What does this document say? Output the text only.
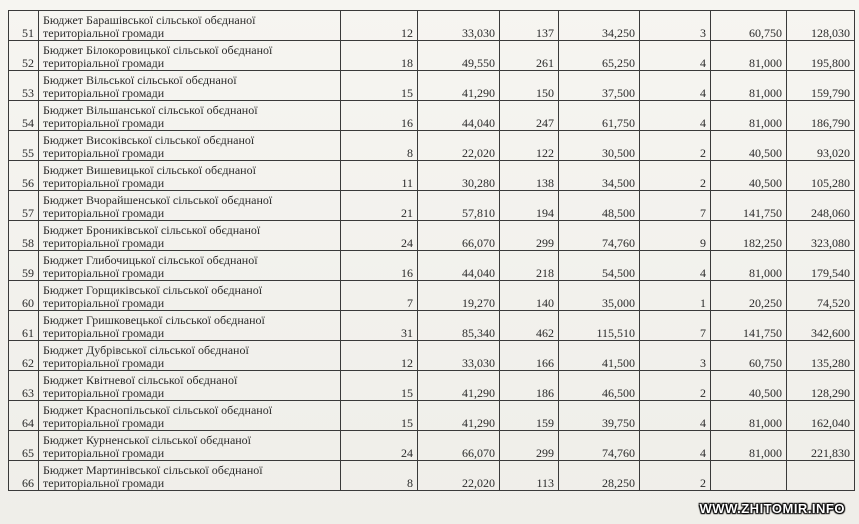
51	Бюджет Барашівської сільської обєднаної
територіальної громади	12	33,030	137	34,250	3	60,750	128,030
52	Бюджет Білокоровицької сільської обєднаної
територіальної громади	18	49,550	261	65,250	4	81,000	195,800
53	Бюджет Вільської сільської обєднаної
територіальної громади	15	41,290	150	37,500	4	81,000	159,790
54	Бюджет Вільшанської сільської обєднаної
територіальної громади	16	44,040	247	61,750	4	81,000	186,790
55	Бюджет Високівської сільської обєднаної
територіальної громади	8	22,020	122	30,500	2	40,500	93,020
56	Бюджет Вишевицької сільської обєднаної
територіальної громади	11	30,280	138	34,500	2	40,500	105,280
57	Бюджет Вчорайшенської сільської обєднаної
територіальної громади	21	57,810	194	48,500	7	141,750	248,060
58	Бюджет Броникiвської сільської обєднаної
територіальної громади	24	66,070	299	74,760	9	182,250	323,080
59	Бюджет Глибочицької сільської обєднаної
територіальної громади	16	44,040	218	54,500	4	81,000	179,540
60	Бюджет Горщиківської сільської обєднаної
територіальної громади	7	19,270	140	35,000	1	20,250	74,520
61	Бюджет Гришковецької сільської обєднаної
територіальної громади	31	85,340	462	115,510	7	141,750	342,600
62	Бюджет Дубрівської сільської обєднаної
територіальної громади	12	33,030	166	41,500	3	60,750	135,280
63	Бюджет Квітневої сільської обєднаної
територіальної громади	15	41,290	186	46,500	2	40,500	128,290
64	Бюджет Краснопільської сільської обєднаної
територіальної громади	15	41,290	159	39,750	4	81,000	162,040
65	Бюджет Курненської сільської обєднаної
територіальної громади	24	66,070	299	74,760	4	81,000	221,830
66	Бюджет Мартинівської сільської обєднаної
територіальної громади	8	22,020	113	28,250	2		
WWW.ZHITOMIR.INFO
